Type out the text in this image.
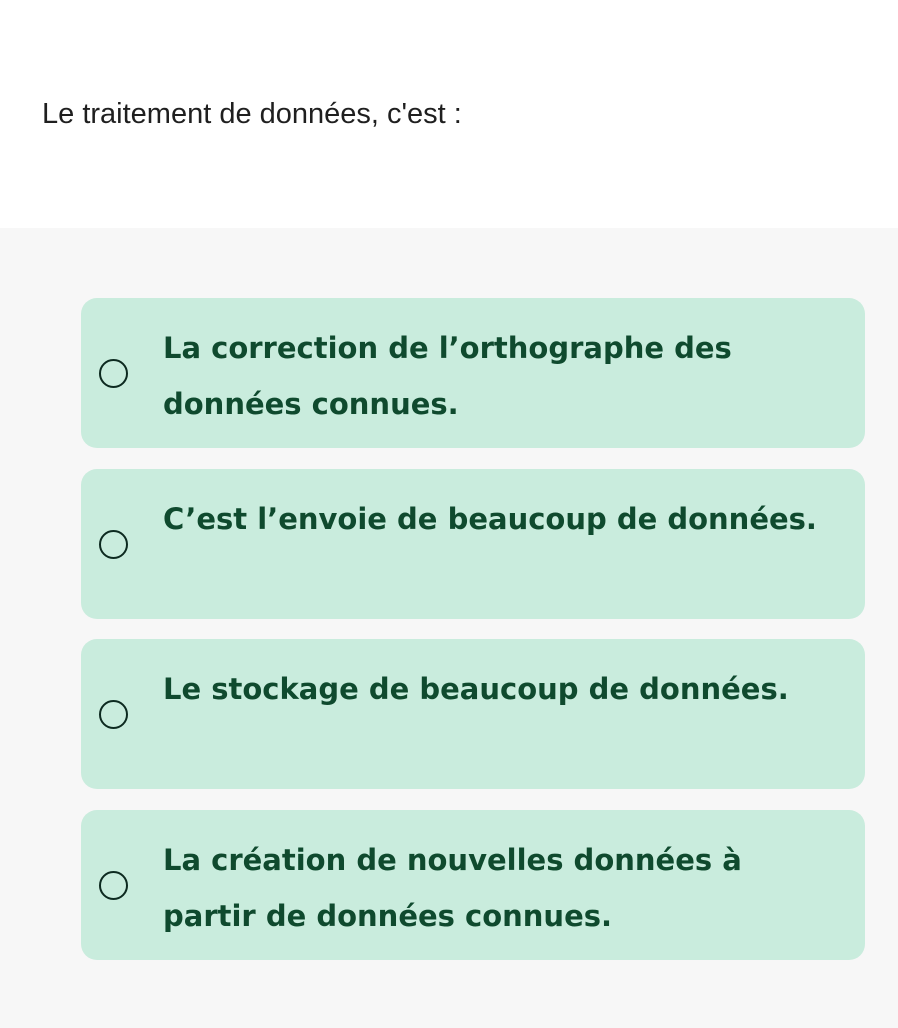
Le traitement de données, c'est :
La correction de l’orthographe des données connues.
C’est l’envoie de beaucoup de données.
Le stockage de beaucoup de données.
La création de nouvelles données à partir de données connues.
